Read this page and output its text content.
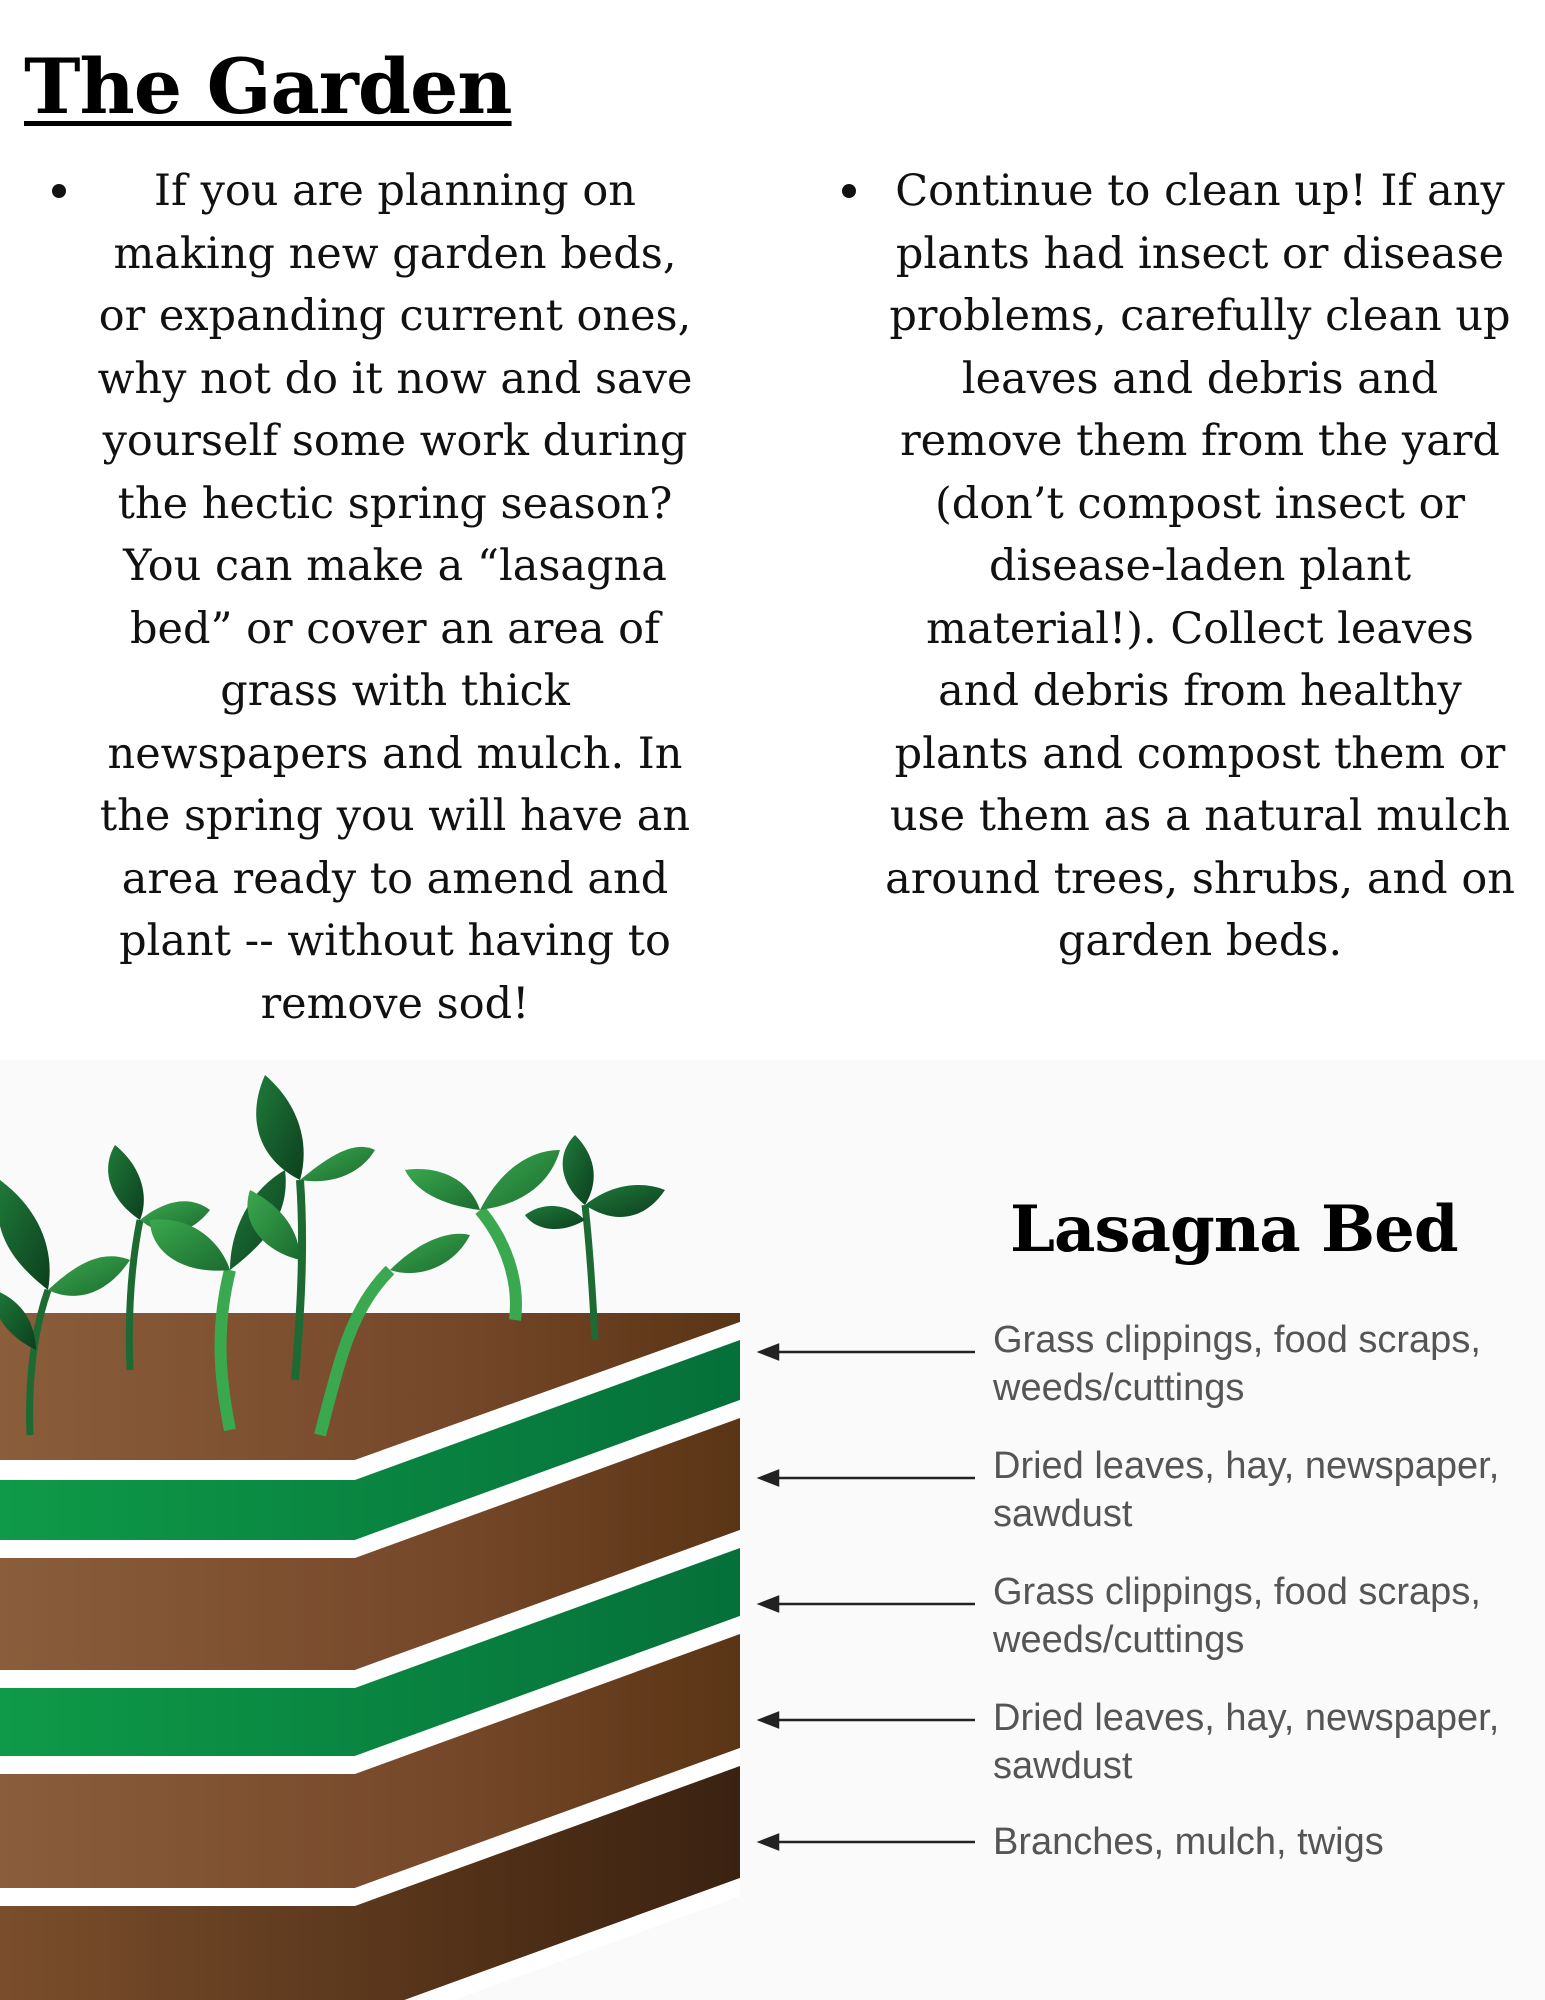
The Garden

If you are planning on making new garden beds, or expanding current ones, why not do it now and save yourself some work during the hectic spring season? You can make a “lasagna bed” or cover an area of grass with thick newspapers and mulch. In the spring you will have an area ready to amend and plant -- without having to remove sod!

Continue to clean up! If any plants had insect or disease problems, carefully clean up leaves and debris and remove them from the yard (don’t compost insect or disease-laden plant material!). Collect leaves and debris from healthy plants and compost them or use them as a natural mulch around trees, shrubs, and on garden beds.

Lasagna Bed
Grass clippings, food scraps,
weeds/cuttings
Dried leaves, hay, newspaper,
sawdust
Grass clippings, food scraps,
weeds/cuttings
Dried leaves, hay, newspaper,
sawdust
Branches, mulch, twigs
